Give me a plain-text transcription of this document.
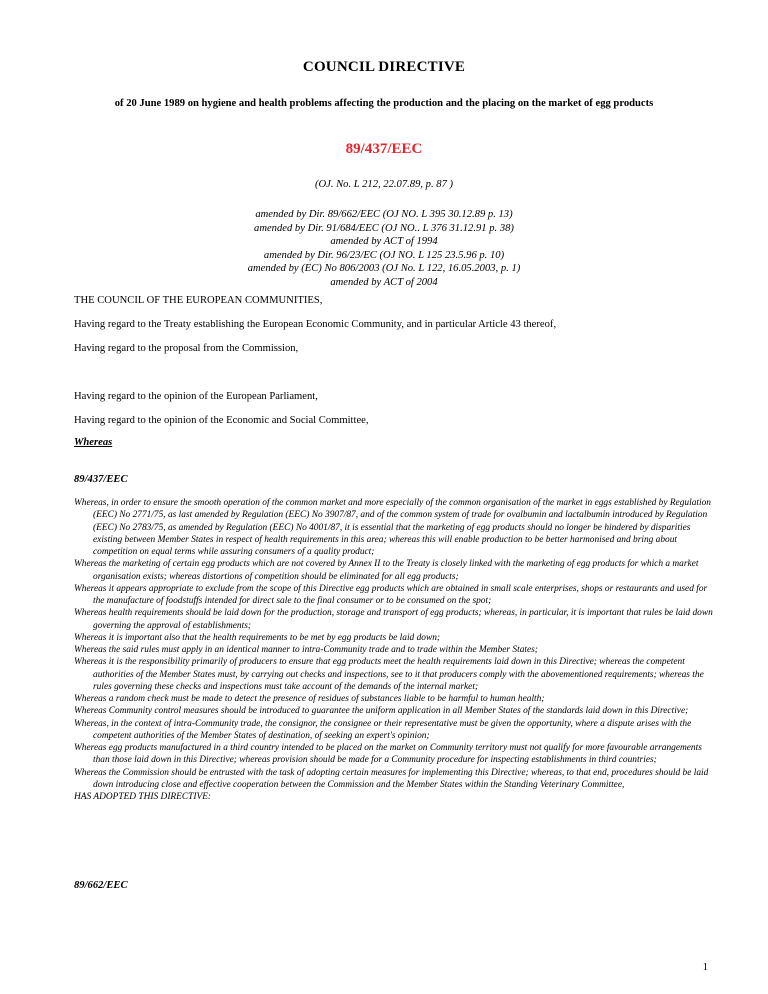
COUNCIL DIRECTIVE
of 20 June 1989 on hygiene and health problems affecting the production and the placing on the market of egg products
89/437/EEC
(OJ. No. L 212, 22.07.89, p. 87 )
amended by Dir. 89/662/EEC (OJ NO. L 395 30.12.89 p. 13)
amended by Dir. 91/684/EEC (OJ NO.. L 376 31.12.91 p. 38)
amended by ACT of 1994
amended by Dir. 96/23/EC (OJ NO. L 125 23.5.96 p. 10)
amended by (EC) No 806/2003 (OJ No. L 122, 16.05.2003, p. 1)
amended by ACT of 2004
THE COUNCIL OF THE EUROPEAN COMMUNITIES,
Having regard to the Treaty establishing the European Economic Community, and in particular Article 43 thereof,
Having regard to the proposal from the Commission,
Whereas
89/437/EEC
Whereas, in order to ensure the smooth operation of the common market and more especially of the common organisation of the market in eggs established by Regulation (EEC) No 2771/75, as last amended by Regulation (EEC) No 3907/87, and of the common system of trade for ovalbumin and lactalbumin introduced by Regulation (EEC) No 2783/75, as amended by Regulation (EEC) No 4001/87, it is essential that the marketing of egg products should no longer be hindered by disparities existing between Member States in respect of health requirements in this area; whereas this will enable production to be better harmonised and bring about competition on equal terms while assuring consumers of a quality product;
Whereas the marketing of certain egg products which are not covered by Annex II to the Treaty is closely linked with the marketing of egg products for which a market organisation exists; whereas distortions of competition should be eliminated for all egg products;
Whereas it appears appropriate to exclude from the scope of this Directive egg products which are obtained in small scale enterprises, shops or restaurants and used for the manufacture of foodstuffs intended for direct sale to the final consumer or to be consumed on the spot;
Whereas health requirements should be laid down for the production, storage and transport of egg products; whereas, in particular, it is important that rules be laid down governing the approval of establishments;
Whereas it is important also that the health requirements to be met by egg products be laid down;
Whereas the said rules must apply in an identical manner to intra-Community trade and to trade within the Member States;
Whereas it is the responsibility primarily of producers to ensure that egg products meet the health requirements laid down in this Directive; whereas the competent authorities of the Member States must, by carrying out checks and inspections, see to it that producers comply with the abovementioned requirements; whereas the rules governing these checks and inspections must take account of the demands of the internal market;
Whereas a random check must be made to detect the presence of residues of substances liable to be harmful to human health;
Whereas Community control measures should be introduced to guarantee the uniform application in all Member States of the standards laid down in this Directive;
Whereas, in the context of intra-Community trade, the consignor, the consignee or their representative must be given the opportunity, where a dispute arises with the competent authorities of the Member States of destination, of seeking an expert's opinion;
Whereas egg products manufactured in a third country intended to be placed on the market on Community territory must not qualify for more favourable arrangements than those laid down in this Directive; whereas provision should be made for a Community procedure for inspecting establishments in third countries;
Whereas the Commission should be entrusted with the task of adopting certain measures for implementing this Directive; whereas, to that end, procedures should be laid down introducing close and effective cooperation between the Commission and the Member States within the Standing Veterinary Committee,
HAS ADOPTED THIS DIRECTIVE:
89/662/EEC
1
Having regard to the opinion of the European Parliament,
Having regard to the opinion of the Economic and Social Committee,
